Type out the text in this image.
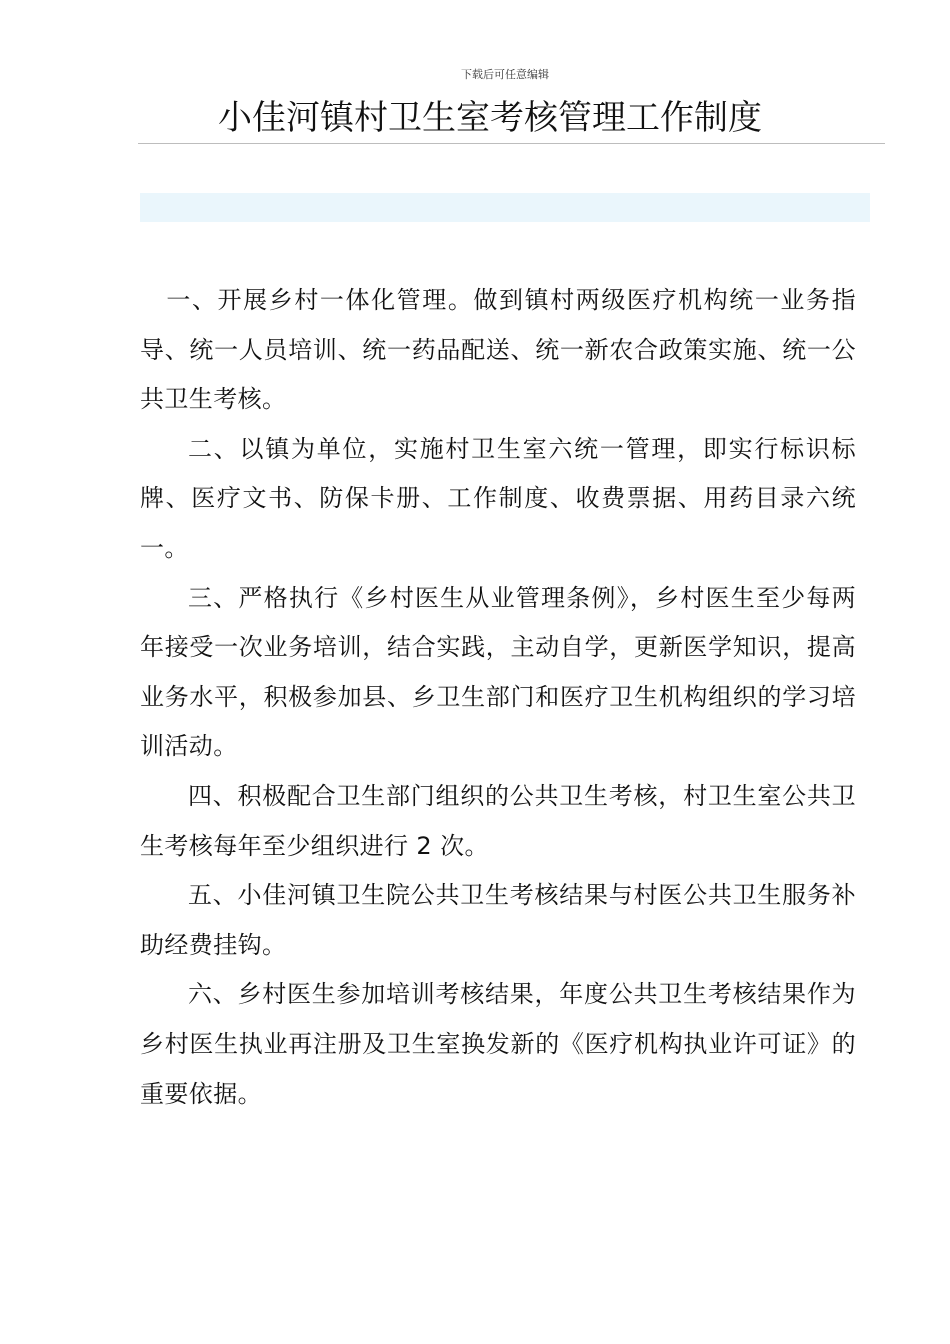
下载后可任意编辑
小佳河镇村卫生室考核管理工作制度

一、开展乡村一体化管理。做到镇村两级医疗机构统一业务指导、统一人员培训、统一药品配送、统一新农合政策实施、统一公共卫生考核。

二、以镇为单位，实施村卫生室六统一管理，即实行标识标牌、医疗文书、防保卡册、工作制度、收费票据、用药目录六统一。

三、严格执行《乡村医生从业管理条例》，乡村医生至少每两年接受一次业务培训，结合实践，主动自学，更新医学知识，提高业务水平，积极参加县、乡卫生部门和医疗卫生机构组织的学习培训活动。

四、积极配合卫生部门组织的公共卫生考核，村卫生室公共卫生考核每年至少组织进行 2 次。

五、小佳河镇卫生院公共卫生考核结果与村医公共卫生服务补助经费挂钩。

六、乡村医生参加培训考核结果，年度公共卫生考核结果作为乡村医生执业再注册及卫生室换发新的《医疗机构执业许可证》的重要依据。
